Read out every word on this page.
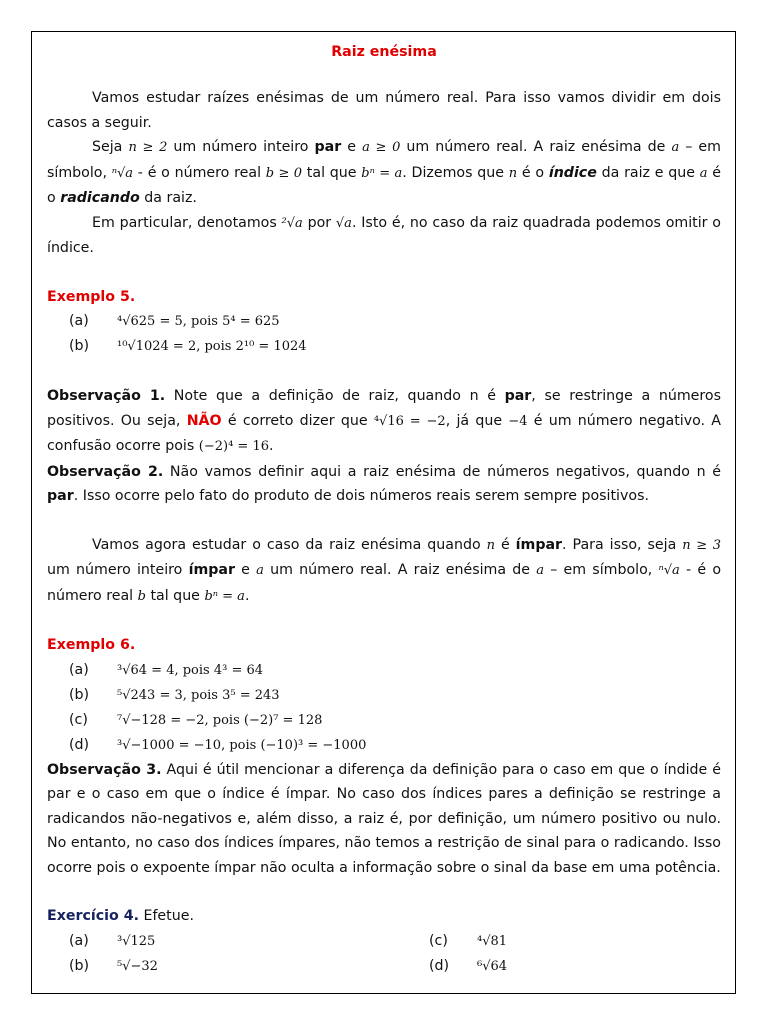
Raiz enésima

Vamos estudar raízes enésimas de um número real. Para isso vamos dividir em dois casos a seguir.

Seja n ≥ 2 um número inteiro par e a ≥ 0 um número real. A raiz enésima de a – em símbolo, ⁿ√a - é o número real b ≥ 0 tal que bⁿ = a. Dizemos que n é o índice da raiz e que a é o radicando da raiz.

Em particular, denotamos ²√a por √a. Isto é, no caso da raiz quadrada podemos omitir o índice.

Exemplo 5.
(a) ⁴√625 = 5, pois 5⁴ = 625
(b) ¹⁰√1024 = 2, pois 2¹⁰ = 1024

Observação 1. Note que a definição de raiz, quando n é par, se restringe a números positivos. Ou seja, NÃO é correto dizer que ⁴√16 = −2, já que −4 é um número negativo. A confusão ocorre pois (−2)⁴ = 16.

Observação 2. Não vamos definir aqui a raiz enésima de números negativos, quando n é par. Isso ocorre pelo fato do produto de dois números reais serem sempre positivos.

Vamos agora estudar o caso da raiz enésima quando n é ímpar. Para isso, seja n ≥ 3 um número inteiro ímpar e a um número real. A raiz enésima de a – em símbolo, ⁿ√a - é o número real b tal que bⁿ = a.

Exemplo 6.
(a) ³√64 = 4, pois 4³ = 64
(b) ⁵√243 = 3, pois 3⁵ = 243
(c) ⁷√−128 = −2, pois (−2)⁷ = 128
(d) ³√−1000 = −10, pois (−10)³ = −1000

Observação 3. Aqui é útil mencionar a diferença da definição para o caso em que o índide é par e o caso em que o índice é ímpar. No caso dos índices pares a definição se restringe a radicandos não-negativos e, além disso, a raiz é, por definição, um número positivo ou nulo. No entanto, no caso dos índices ímpares, não temos a restrição de sinal para o radicando. Isso ocorre pois o expoente ímpar não oculta a informação sobre o sinal da base em uma potência.

Exercício 4. Efetue.
(a) ³√125	(c) ⁴√81
(b) ⁵√−32	(d) ⁶√64
